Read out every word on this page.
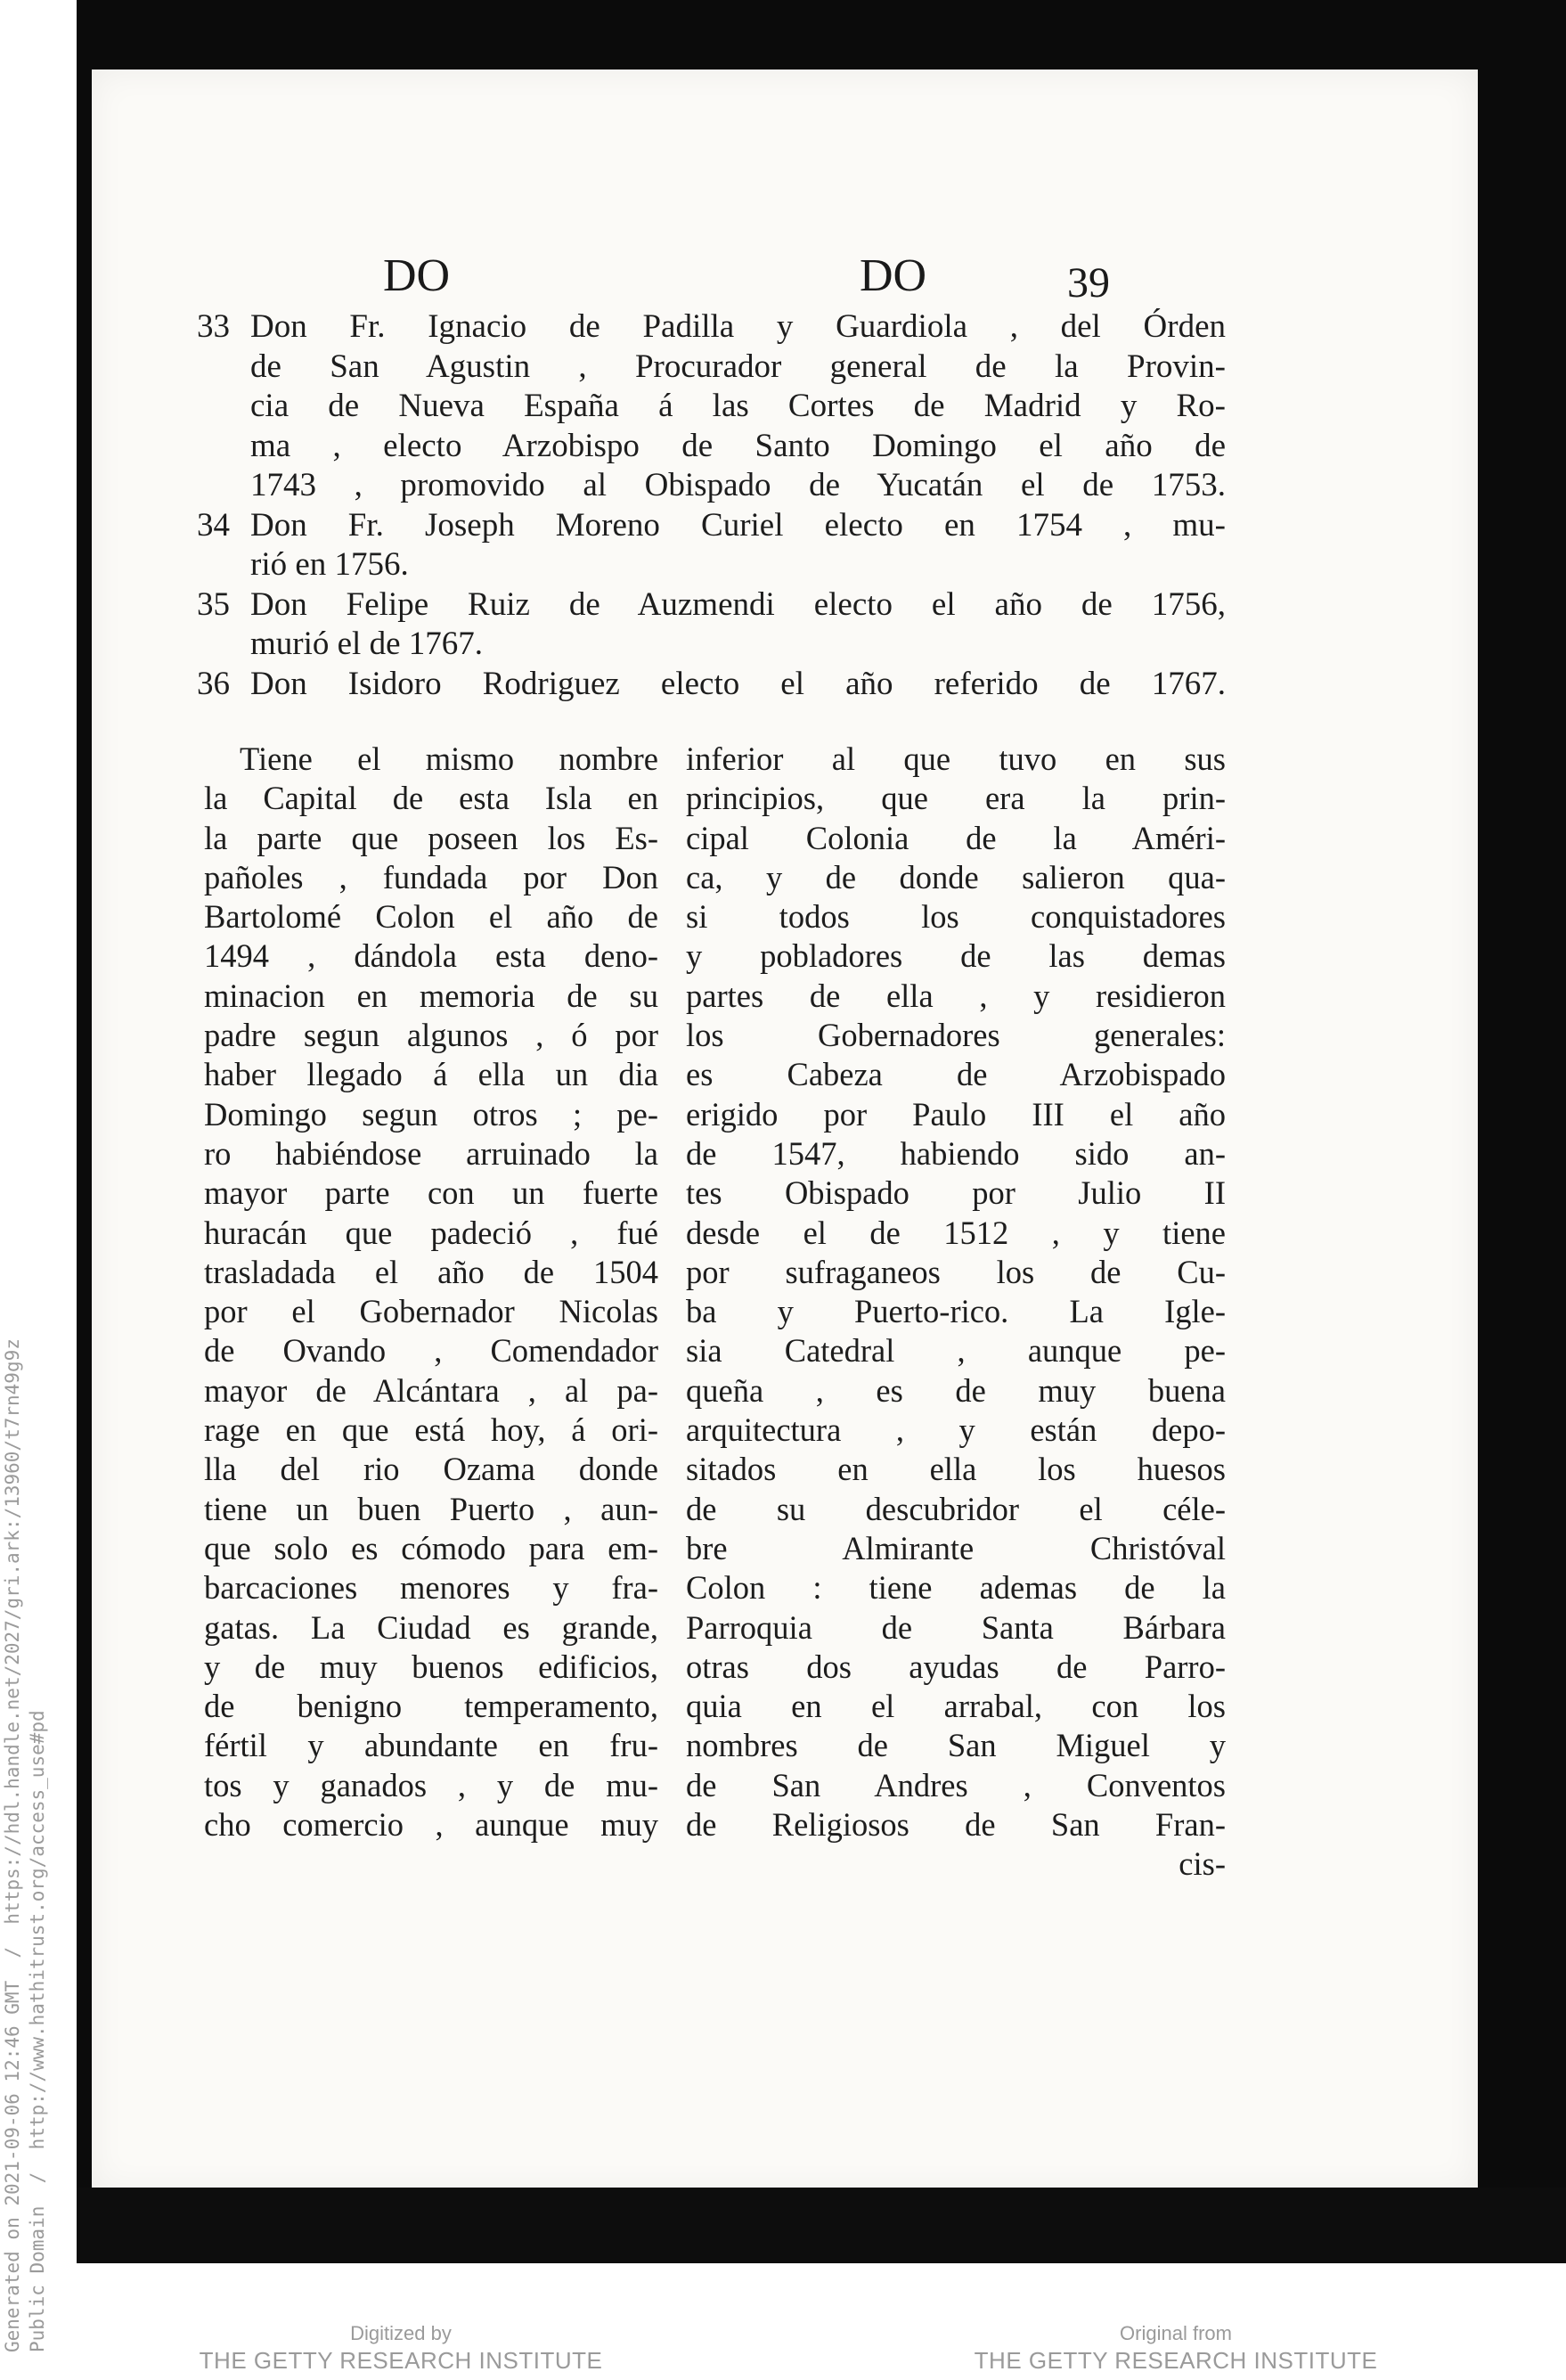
Generated on 2021-09-06 12:46 GMT  /  https://hdl.handle.net/2027/gri.ark:/13960/t7rn49g9z Public Domain  /  http://www.hathitrust.org/access_use#pd
DO	DO	39
33 Don Fr. Ignacio de Padilla y Guardiola , del Órden
de San Agustin , Procurador general de la Provin-
cia de Nueva España á las Cortes de Madrid y Ro-
ma , electo Arzobispo de Santo Domingo el año de
1743 , promovido al Obispado de Yucatán el de 1753.
34 Don Fr. Joseph Moreno Curiel electo en 1754 , mu-
rió en 1756.
35 Don Felipe Ruiz de Auzmendi electo el año de 1756,
murió el de 1767.
36 Don Isidoro Rodriguez electo el año referido de 1767.
Tiene el mismo nombre
la Capital de esta Isla en
la parte que poseen los Es-
pañoles , fundada por Don
Bartolomé Colon el año de
1494 , dándola esta deno-
minacion en memoria de su
padre segun algunos , ó por
haber llegado á ella un dia
Domingo segun otros ; pe-
ro habiéndose arruinado la
mayor parte con un fuerte
huracán que padeció , fué
trasladada el año de 1504
por el Gobernador Nicolas
de Ovando , Comendador
mayor de Alcántara , al pa-
rage en que está hoy, á ori-
lla del rio Ozama donde
tiene un buen Puerto , aun-
que solo es cómodo para em-
barcaciones menores y fra-
gatas. La Ciudad es grande,
y de muy buenos edificios,
de benigno temperamento,
fértil y abundante en fru-
tos y ganados , y de mu-
cho comercio , aunque muy
inferior al que tuvo en sus
principios, que era la prin-
cipal Colonia de la Améri-
ca, y de donde salieron qua-
si todos los conquistadores
y pobladores de las demas
partes de ella , y residieron
los Gobernadores generales:
es Cabeza de Arzobispado
erigido por Paulo III el año
de 1547, habiendo sido an-
tes Obispado por Julio II
desde el de 1512 , y tiene
por sufraganeos los de Cu-
ba y Puerto-rico. La Igle-
sia Catedral , aunque pe-
queña , es de muy buena
arquitectura , y están depo-
sitados en ella los huesos
de su descubridor el céle-
bre Almirante Christóval
Colon : tiene ademas de la
Parroquia de Santa Bárbara
otras dos ayudas de Parro-
quia en el arrabal, con los
nombres de San Miguel y
de San Andres , Conventos
de Religiosos de San Fran-
cis-
Digitized by
THE GETTY RESEARCH INSTITUTE
Original from
THE GETTY RESEARCH INSTITUTE
